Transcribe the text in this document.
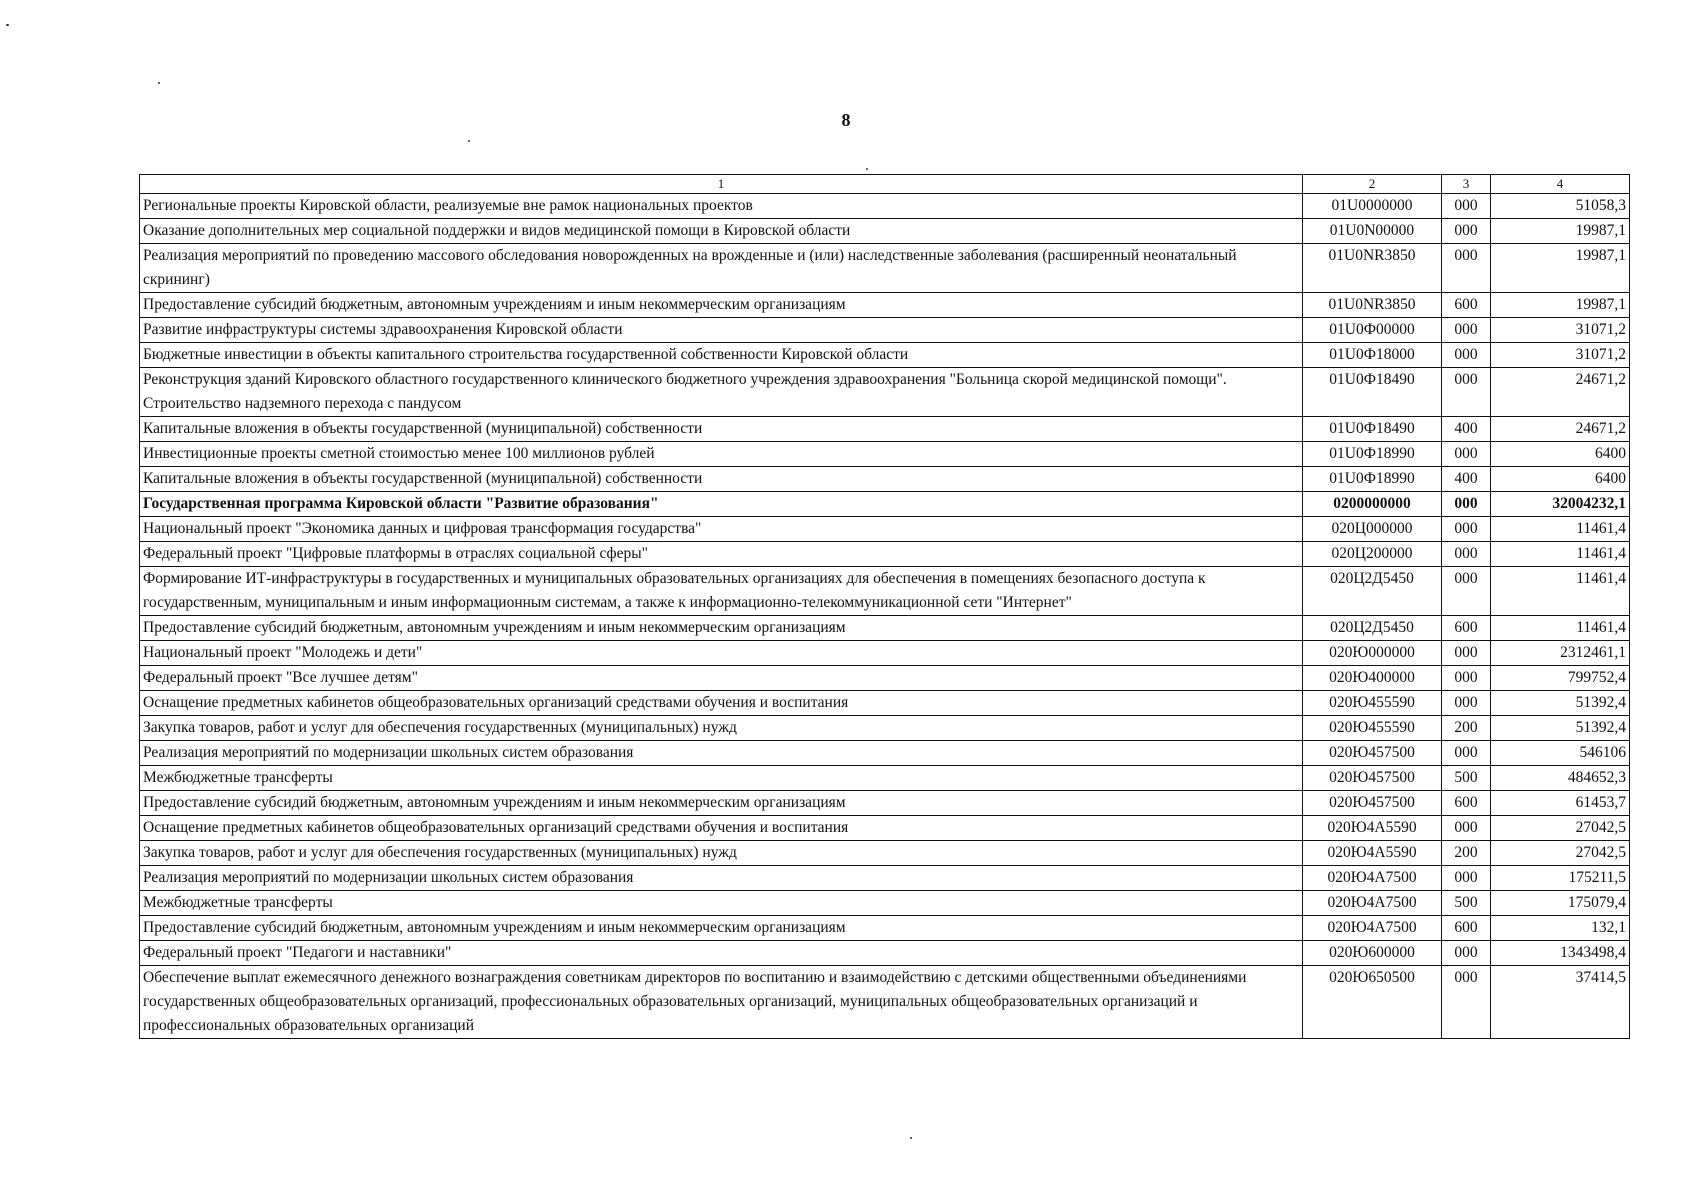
8
1	2	3	4
Региональные проекты Кировской области, реализуемые вне рамок национальных проектов	01U0000000	000	51058,3
Оказание дополнительных мер социальной поддержки и видов медицинской помощи в Кировской области	01U0N00000	000	19987,1
Реализация мероприятий по проведению массового обследования новорожденных на врожденные и (или) наследственные заболевания (расширенный неонатальный скрининг)	01U0NR3850	000	19987,1
Предоставление субсидий бюджетным, автономным учреждениям и иным некоммерческим организациям	01U0NR3850	600	19987,1
Развитие инфраструктуры системы здравоохранения Кировской области	01U0Ф00000	000	31071,2
Бюджетные инвестиции в объекты капитального строительства государственной собственности Кировской области	01U0Ф18000	000	31071,2
Реконструкция зданий Кировского областного государственного клинического бюджетного учреждения здравоохранения "Больница скорой медицинской помощи". Строительство надземного перехода с пандусом	01U0Ф18490	000	24671,2
Капитальные вложения в объекты государственной (муниципальной) собственности	01U0Ф18490	400	24671,2
Инвестиционные проекты сметной стоимостью менее 100 миллионов рублей	01U0Ф18990	000	6400
Капитальные вложения в объекты государственной (муниципальной) собственности	01U0Ф18990	400	6400
Государственная программа Кировской области "Развитие образования"	0200000000	000	32004232,1
Национальный проект "Экономика данных и цифровая трансформация государства"	020Ц000000	000	11461,4
Федеральный проект "Цифровые платформы в отраслях социальной сферы"	020Ц200000	000	11461,4
Формирование ИТ-инфраструктуры в государственных и муниципальных образовательных организациях для обеспечения в помещениях безопасного доступа к государственным, муниципальным и иным информационным системам, а также к информационно-телекоммуникационной сети "Интернет"	020Ц2Д5450	000	11461,4
Предоставление субсидий бюджетным, автономным учреждениям и иным некоммерческим организациям	020Ц2Д5450	600	11461,4
Национальный проект "Молодежь и дети"	020Ю000000	000	2312461,1
Федеральный проект "Все лучшее детям"	020Ю400000	000	799752,4
Оснащение предметных кабинетов общеобразовательных организаций средствами обучения и воспитания	020Ю455590	000	51392,4
Закупка товаров, работ и услуг для обеспечения государственных (муниципальных) нужд	020Ю455590	200	51392,4
Реализация мероприятий по модернизации школьных систем образования	020Ю457500	000	546106
Межбюджетные трансферты	020Ю457500	500	484652,3
Предоставление субсидий бюджетным, автономным учреждениям и иным некоммерческим организациям	020Ю457500	600	61453,7
Оснащение предметных кабинетов общеобразовательных организаций средствами обучения и воспитания	020Ю4А5590	000	27042,5
Закупка товаров, работ и услуг для обеспечения государственных (муниципальных) нужд	020Ю4А5590	200	27042,5
Реализация мероприятий по модернизации школьных систем образования	020Ю4А7500	000	175211,5
Межбюджетные трансферты	020Ю4А7500	500	175079,4
Предоставление субсидий бюджетным, автономным учреждениям и иным некоммерческим организациям	020Ю4А7500	600	132,1
Федеральный проект "Педагоги и наставники"	020Ю600000	000	1343498,4
Обеспечение выплат ежемесячного денежного вознаграждения советникам директоров по воспитанию и взаимодействию с детскими общественными объединениями государственных общеобразовательных организаций, профессиональных образовательных организаций, муниципальных общеобразовательных организаций и профессиональных образовательных организаций	020Ю650500	000	37414,5
